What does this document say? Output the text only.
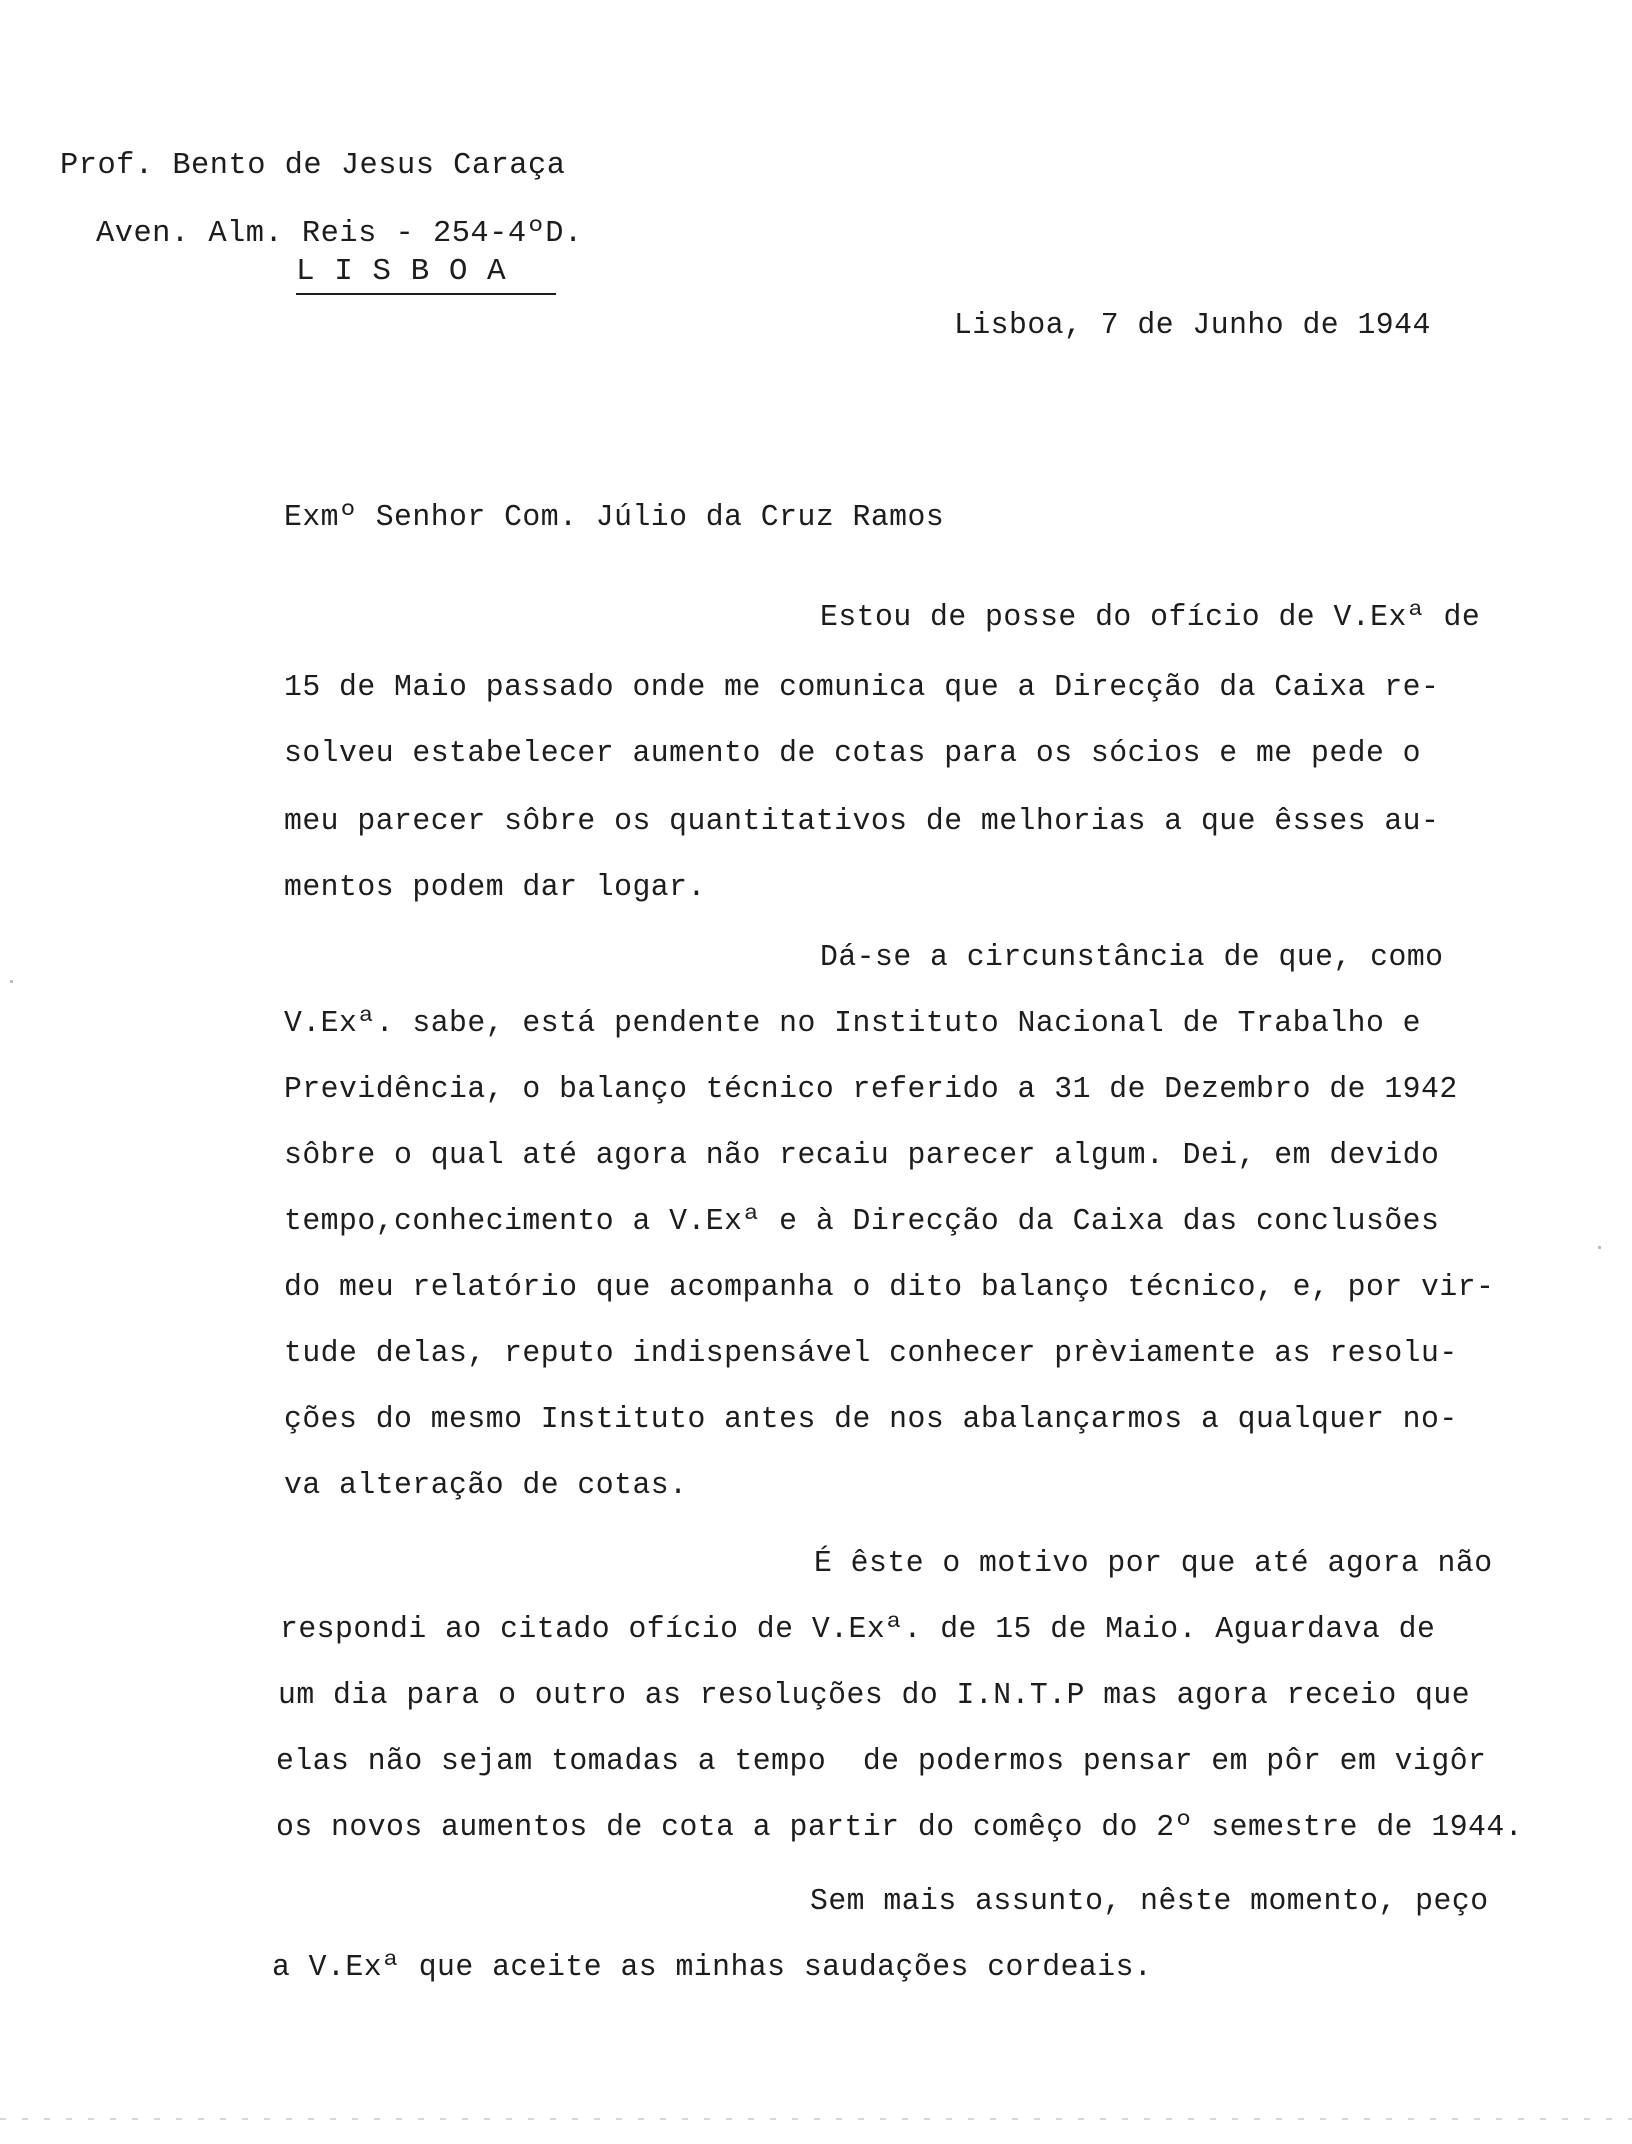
Prof. Bento de Jesus Caraça
Aven. Alm. Reis - 254-4ºD.
L I S B O A
Lisboa, 7 de Junho de 1944
Exmº Senhor Com. Júlio da Cruz Ramos
Estou de posse do ofício de V.Exª de
15 de Maio passado onde me comunica que a Direcção da Caixa re-
solveu estabelecer aumento de cotas para os sócios e me pede o
meu parecer sôbre os quantitativos de melhorias a que êsses au-
mentos podem dar logar.
Dá-se a circunstância de que, como
V.Exª. sabe, está pendente no Instituto Nacional de Trabalho e
Previdência, o balanço técnico referido a 31 de Dezembro de 1942
sôbre o qual até agora não recaiu parecer algum. Dei, em devido
tempo,conhecimento a V.Exª e à Direcção da Caixa das conclusões
do meu relatório que acompanha o dito balanço técnico, e, por vir-
tude delas, reputo indispensável conhecer prèviamente as resolu-
ções do mesmo Instituto antes de nos abalançarmos a qualquer no-
va alteração de cotas.
É êste o motivo por que até agora não
respondi ao citado ofício de V.Exª. de 15 de Maio. Aguardava de
um dia para o outro as resoluções do I.N.T.P mas agora receio que
elas não sejam tomadas a tempo  de podermos pensar em pôr em vigôr
os novos aumentos de cota a partir do comêço do 2º semestre de 1944.
Sem mais assunto, nêste momento, peço
a V.Exª que aceite as minhas saudações cordeais.
